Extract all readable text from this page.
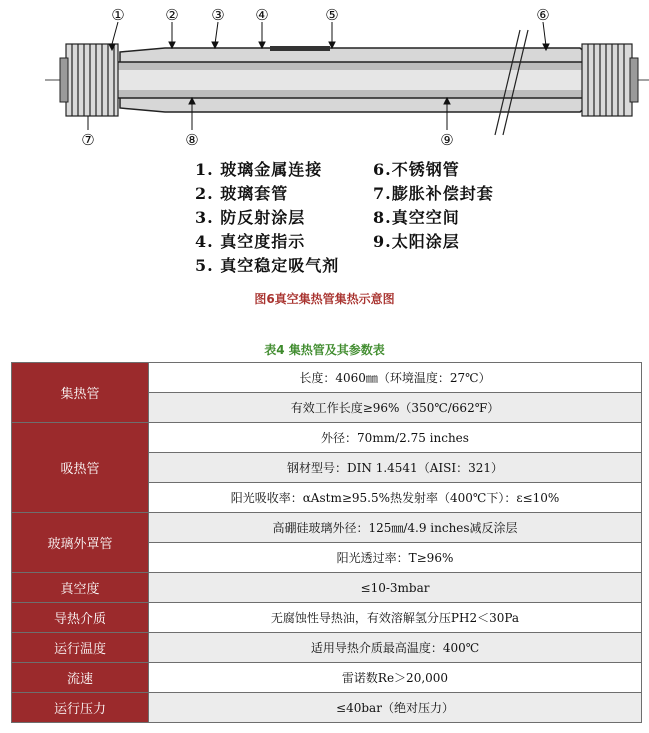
①	② ③ ④	⑤	⑥
⑦	⑧	⑨
1. 玻璃金属连接
2. 玻璃套管
3. 防反射涂层
4. 真空度指示
5. 真空稳定吸气剂
6.不锈钢管
7.膨胀补偿封套
8.真空空间
9.太阳涂层
图6真空集热管集热示意图
表4 集热管及其参数表
集热管	长度：4060㎜（环境温度：27℃）
	有效工作长度≥96%（350℃/662℉）
吸热管	外径：70mm/2.75 inches
	钢材型号：DIN 1.4541（AISI：321）
	阳光吸收率：αAstm≥95.5%热发射率（400℃下）：ε≤10%
玻璃外罩管	高硼硅玻璃外径：125㎜/4.9 inches减反涂层
	阳光透过率：T≥96%
真空度	≤10-3mbar
导热介质	无腐蚀性导热油，有效溶解氢分压PH2＜30Pa
运行温度	适用导热介质最高温度：400℃
流速	雷诺数Re＞20,000
运行压力	≤40bar（绝对压力）
